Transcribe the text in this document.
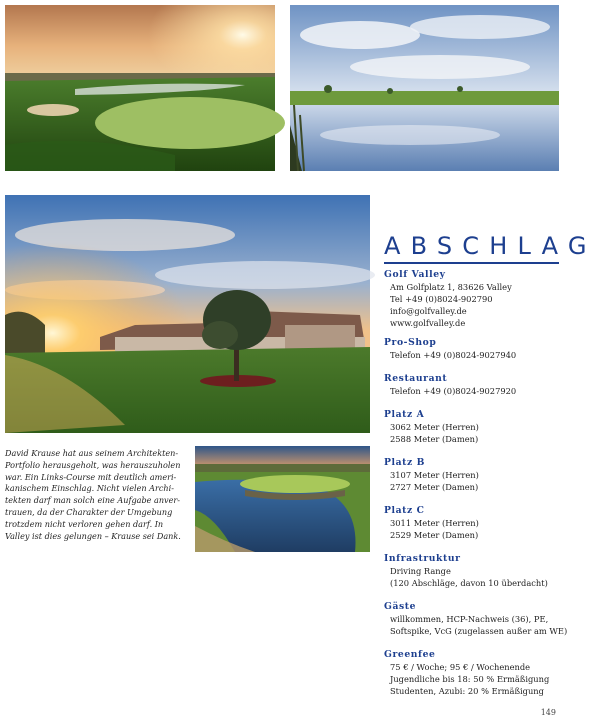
David Krause hat aus seinem Architekten-
Portfolio herausgeholt, was herauszuholen
war. Ein Links-Course mit deutlich ameri-
kanischem Einschlag. Nicht vielen Archi-
tekten darf man solch eine Aufgabe anver-
trauen, da der Charakter der Umgebung
trotzdem nicht verloren gehen darf. In
Valley ist dies gelungen – Krause sei Dank.

ABSCHLAG

Golf Valley

Am Golfplatz 1, 83626 Valley

Tel +49 (0)8024-902790

info@golfvalley.de

www.golfvalley.de

Pro-Shop

Telefon +49 (0)8024-9027940

Restaurant

Telefon +49 (0)8024-9027920

Platz A

3062 Meter (Herren)

2588 Meter (Damen)

Platz B

3107 Meter (Herren)

2727 Meter (Damen)

Platz C

3011 Meter (Herren)

2529 Meter (Damen)

Infrastruktur

Driving Range

(120 Abschläge, davon 10 überdacht)

Gäste

willkommen, HCP-Nachweis (36), PE,

Softspike, VcG (zugelassen außer am WE)

Greenfee

75 € / Woche; 95 € / Wochenende

Jugendliche bis 18: 50 % Ermäßigung

Studenten, Azubi: 20 % Ermäßigung

149
